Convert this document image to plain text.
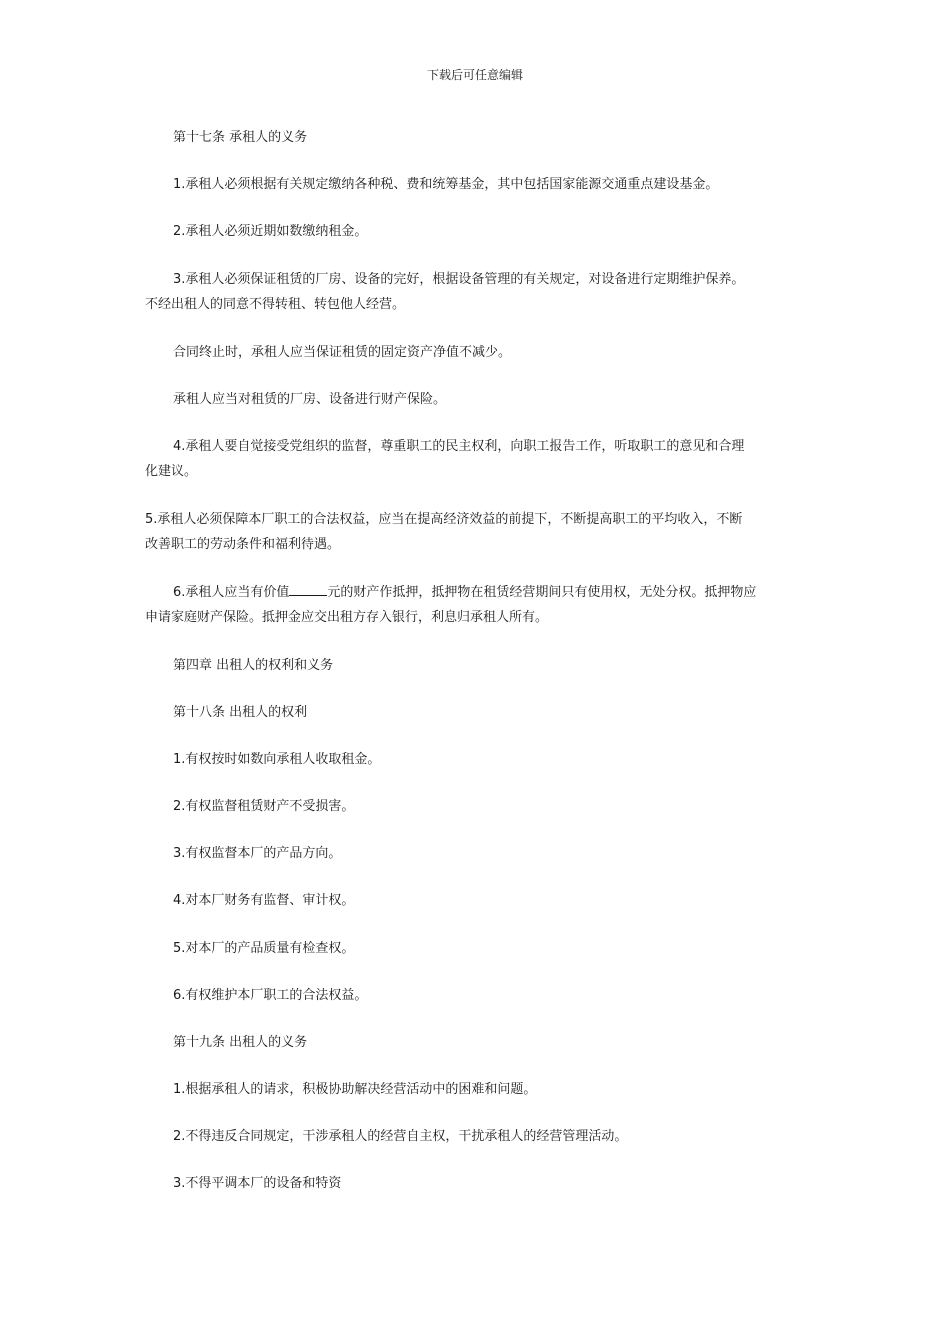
下载后可任意编辑
第十七条 承租人的义务
1.承租人必须根据有关规定缴纳各种税、费和统筹基金，其中包括国家能源交通重点建设基金。
2.承租人必须近期如数缴纳租金。
3.承租人必须保证租赁的厂房、设备的完好，根据设备管理的有关规定，对设备进行定期维护保养。
不经出租人的同意不得转租、转包他人经营。
合同终止时，承租人应当保证租赁的固定资产净值不减少。
承租人应当对租赁的厂房、设备进行财产保险。
4.承租人要自觉接受党组织的监督，尊重职工的民主权利，向职工报告工作，听取职工的意见和合理
化建议。
5.承租人必须保障本厂职工的合法权益，应当在提高经济效益的前提下，不断提高职工的平均收入，不断
改善职工的劳动条件和福利待遇。
6.承租人应当有价值	元的财产作抵押，抵押物在租赁经营期间只有使用权，无处分权。抵押物应
申请家庭财产保险。抵押金应交出租方存入银行，利息归承租人所有。
第四章 出租人的权利和义务
第十八条 出租人的权利
1.有权按时如数向承租人收取租金。
2.有权监督租赁财产不受损害。
3.有权监督本厂的产品方向。
4.对本厂财务有监督、审计权。
5.对本厂的产品质量有检查权。
6.有权维护本厂职工的合法权益。
第十九条 出租人的义务
1.根据承租人的请求，积极协助解决经营活动中的困难和问题。
2.不得违反合同规定，干涉承租人的经营自主权，干扰承租人的经营管理活动。
3.不得平调本厂的设备和特资
